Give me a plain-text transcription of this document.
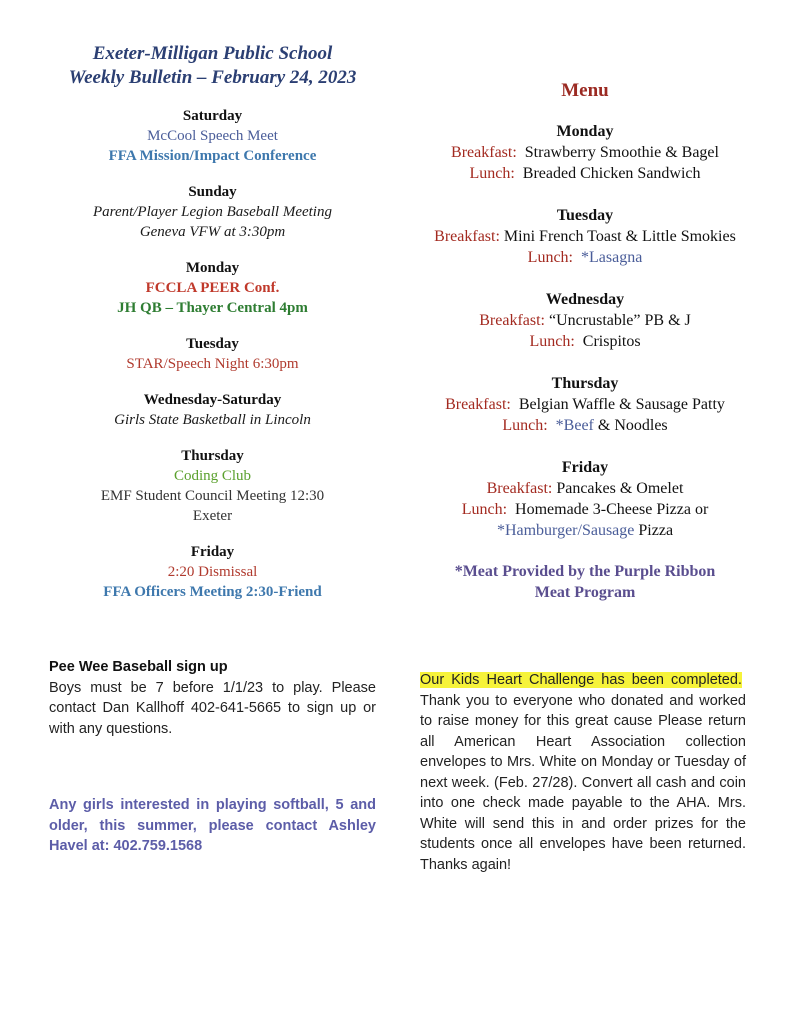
Exeter-Milligan Public School
Weekly Bulletin – February 24, 2023
Saturday
McCool Speech Meet
FFA Mission/Impact Conference
Sunday
Parent/Player Legion Baseball Meeting
Geneva VFW at 3:30pm
Monday
FCCLA PEER Conf.
JH QB – Thayer Central 4pm
Tuesday
STAR/Speech Night 6:30pm
Wednesday-Saturday
Girls State Basketball in Lincoln
Thursday
Coding Club
EMF Student Council Meeting 12:30
Exeter
Friday
2:20 Dismissal
FFA Officers Meeting 2:30-Friend
Menu
Monday
Breakfast: Strawberry Smoothie & Bagel
Lunch: Breaded Chicken Sandwich
Tuesday
Breakfast: Mini French Toast & Little Smokies
Lunch: *Lasagna
Wednesday
Breakfast: “Uncrustable” PB & J
Lunch: Crispitos
Thursday
Breakfast: Belgian Waffle & Sausage Patty
Lunch: *Beef & Noodles
Friday
Breakfast: Pancakes & Omelet
Lunch: Homemade 3-Cheese Pizza or
*Hamburger/Sausage Pizza
*Meat Provided by the Purple Ribbon
Meat Program
Pee Wee Baseball sign up
Boys must be 7 before 1/1/23 to play. Please contact Dan Kallhoff 402-641-5665 to sign up or with any questions.
Any girls interested in playing softball, 5 and older, this summer, please contact Ashley Havel at: 402.759.1568
Our Kids Heart Challenge has been completed.  Thank you to everyone who donated and worked to raise money for this great cause Please return all American Heart Association collection envelopes to Mrs. White on Monday or Tuesday of next week. (Feb. 27/28). Convert all cash and coin into one check made payable to the AHA. Mrs. White will send this in and order prizes for the students once all envelopes have been returned. Thanks again!
